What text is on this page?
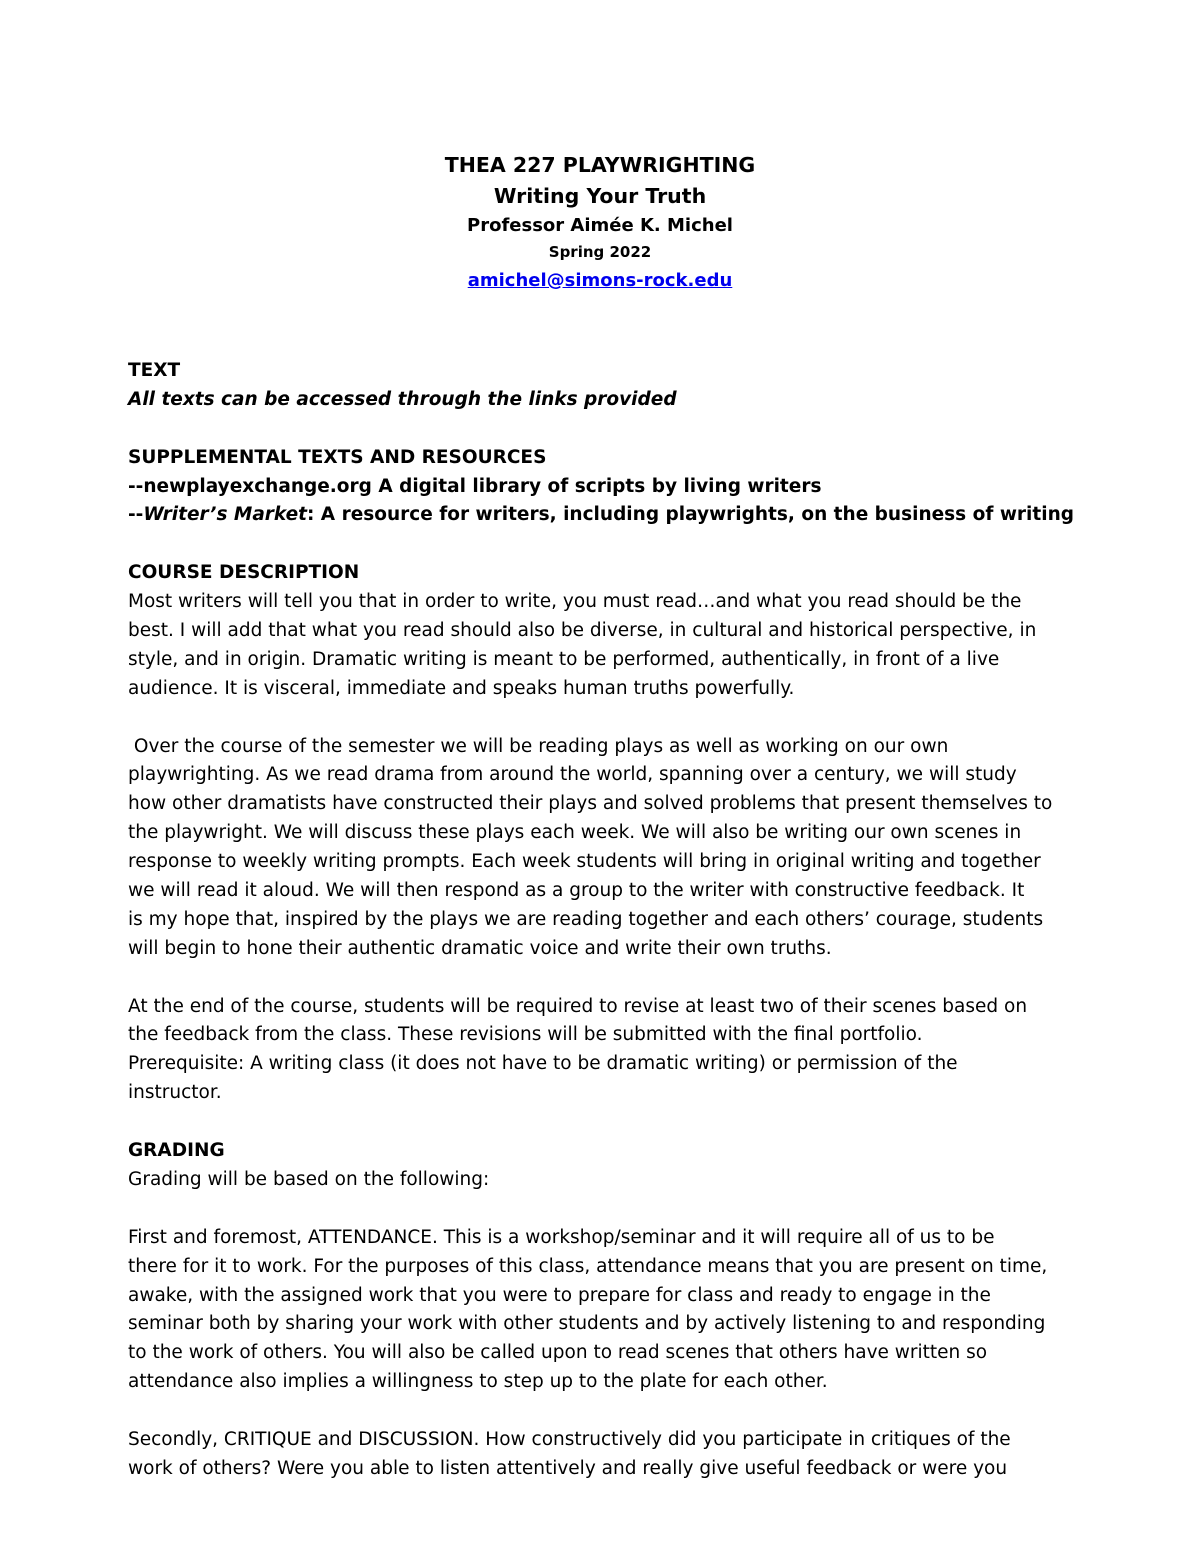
THEA 227 PLAYWRIGHTING
Writing Your Truth
Professor Aimée K. Michel
Spring 2022
amichel@simons-rock.edu
TEXT
All texts can be accessed through the links provided
SUPPLEMENTAL TEXTS AND RESOURCES
--newplayexchange.org A digital library of scripts by living writers
--Writer’s Market: A resource for writers, including playwrights, on the business of writing
COURSE DESCRIPTION
Most writers will tell you that in order to write, you must read…and what you read should be the
best. I will add that what you read should also be diverse, in cultural and historical perspective, in
style, and in origin. Dramatic writing is meant to be performed, authentically, in front of a live
audience. It is visceral, immediate and speaks human truths powerfully.
Over the course of the semester we will be reading plays as well as working on our own
playwrighting. As we read drama from around the world, spanning over a century, we will study
how other dramatists have constructed their plays and solved problems that present themselves to
the playwright. We will discuss these plays each week. We will also be writing our own scenes in
response to weekly writing prompts. Each week students will bring in original writing and together
we will read it aloud. We will then respond as a group to the writer with constructive feedback. It
is my hope that, inspired by the plays we are reading together and each others’ courage, students
will begin to hone their authentic dramatic voice and write their own truths.
At the end of the course, students will be required to revise at least two of their scenes based on
the feedback from the class. These revisions will be submitted with the final portfolio.
Prerequisite: A writing class (it does not have to be dramatic writing) or permission of the
instructor.
GRADING
Grading will be based on the following:
First and foremost, ATTENDANCE. This is a workshop/seminar and it will require all of us to be
there for it to work. For the purposes of this class, attendance means that you are present on time,
awake, with the assigned work that you were to prepare for class and ready to engage in the
seminar both by sharing your work with other students and by actively listening to and responding
to the work of others. You will also be called upon to read scenes that others have written so
attendance also implies a willingness to step up to the plate for each other.
Secondly, CRITIQUE and DISCUSSION. How constructively did you participate in critiques of the
work of others? Were you able to listen attentively and really give useful feedback or were you
